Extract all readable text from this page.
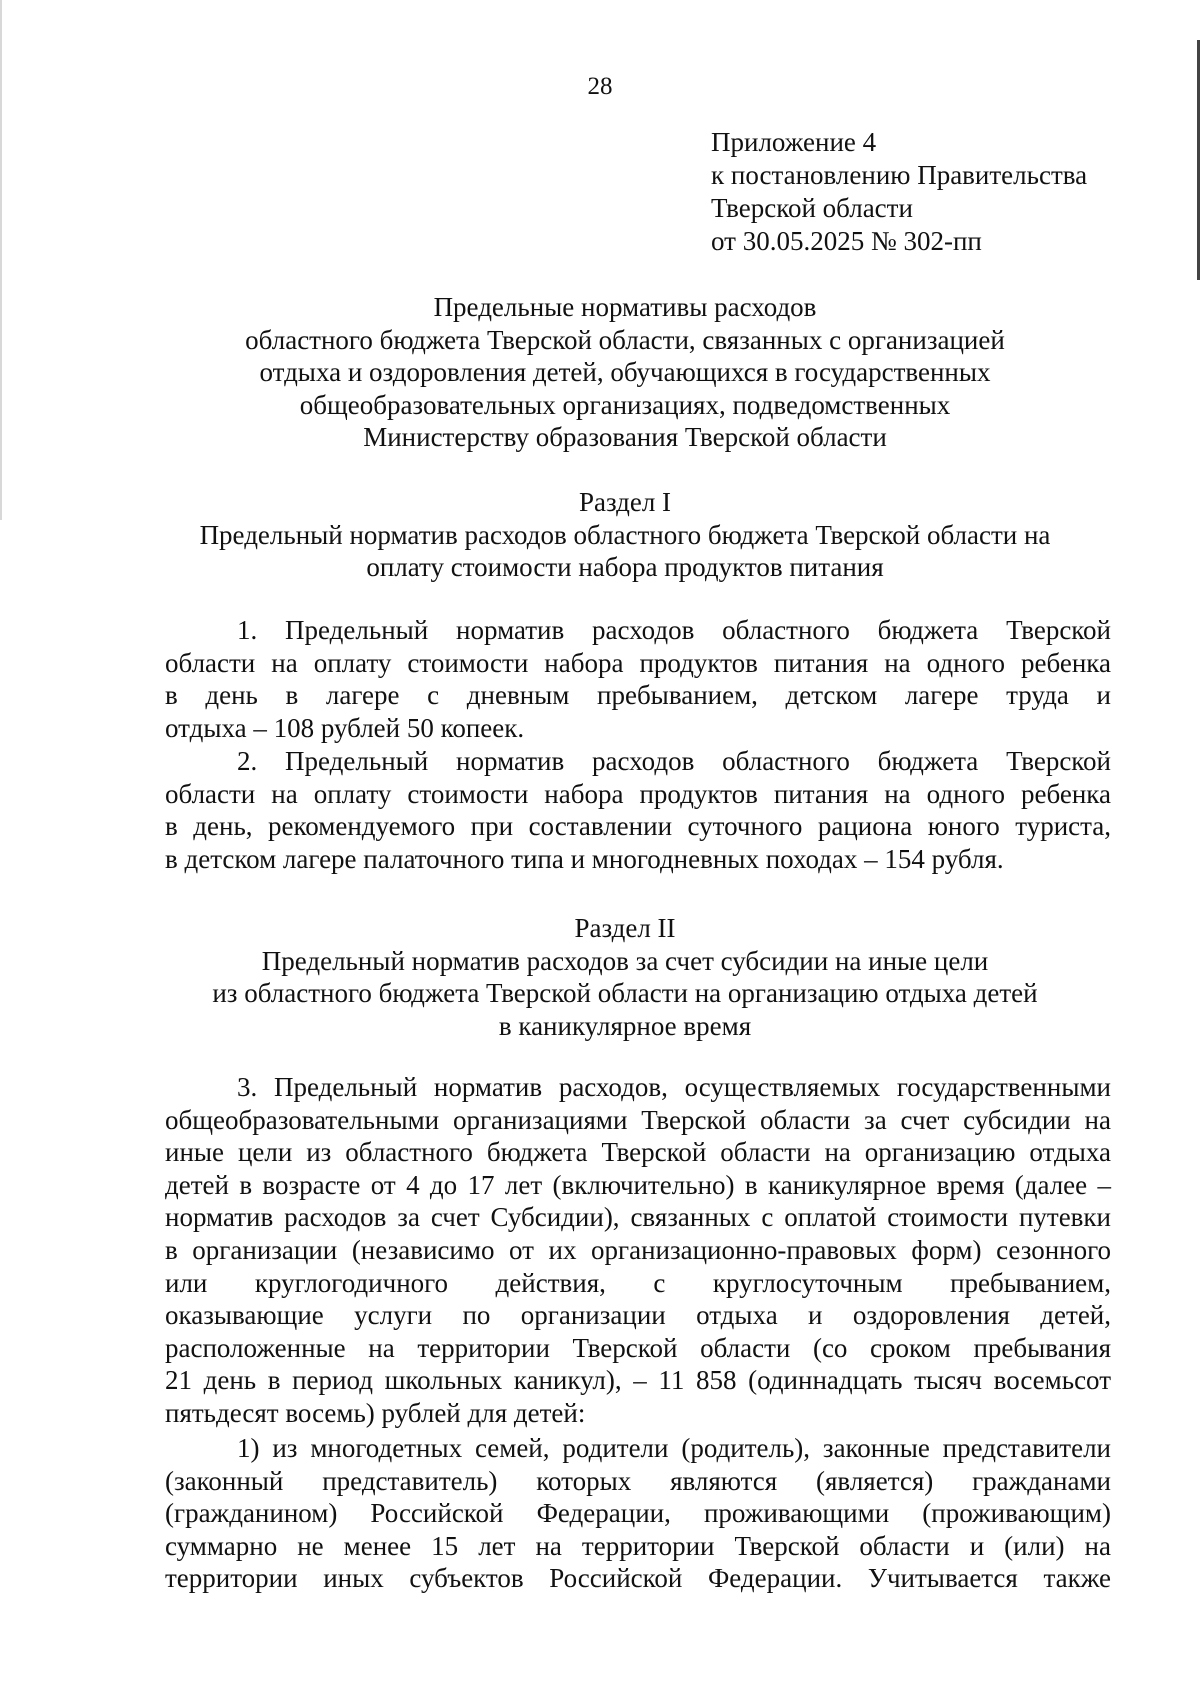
28
Приложение 4
к постановлению Правительства
Тверской области
от 30.05.2025 № 302-пп
Предельные нормативы расходов
областного бюджета Тверской области, связанных с организацией
отдыха и оздоровления детей, обучающихся в государственных
общеобразовательных организациях, подведомственных
Министерству образования Тверской области
Раздел I
Предельный норматив расходов областного бюджета Тверской области на
оплату стоимости набора продуктов питания
1. Предельный норматив расходов областного бюджета Тверской
области на оплату стоимости набора продуктов питания на одного ребенка
в день в лагере с дневным пребыванием, детском лагере труда и
отдыха – 108 рублей 50 копеек.
2. Предельный норматив расходов областного бюджета Тверской
области на оплату стоимости набора продуктов питания на одного ребенка
в день, рекомендуемого при составлении суточного рациона юного туриста,
в детском лагере палаточного типа и многодневных походах – 154 рубля.
Раздел II
Предельный норматив расходов за счет субсидии на иные цели
из областного бюджета Тверской области на организацию отдыха детей
в каникулярное время
3. Предельный норматив расходов, осуществляемых государственными
общеобразовательными организациями Тверской области за счет субсидии на
иные цели из областного бюджета Тверской области на организацию отдыха
детей в возрасте от 4 до 17 лет (включительно) в каникулярное время (далее –
норматив расходов за счет Субсидии), связанных с оплатой стоимости путевки
в организации (независимо от их организационно-правовых форм) сезонного
или круглогодичного действия, с круглосуточным пребыванием,
оказывающие услуги по организации отдыха и оздоровления детей,
расположенные на территории Тверской области (со сроком пребывания
21 день в период школьных каникул), – 11 858 (одиннадцать тысяч восемьсот
пятьдесят восемь) рублей для детей:
1) из многодетных семей, родители (родитель), законные представители
(законный представитель) которых являются (является) гражданами
(гражданином) Российской Федерации, проживающими (проживающим)
суммарно не менее 15 лет на территории Тверской области и (или) на
территории иных субъектов Российской Федерации. Учитывается также
